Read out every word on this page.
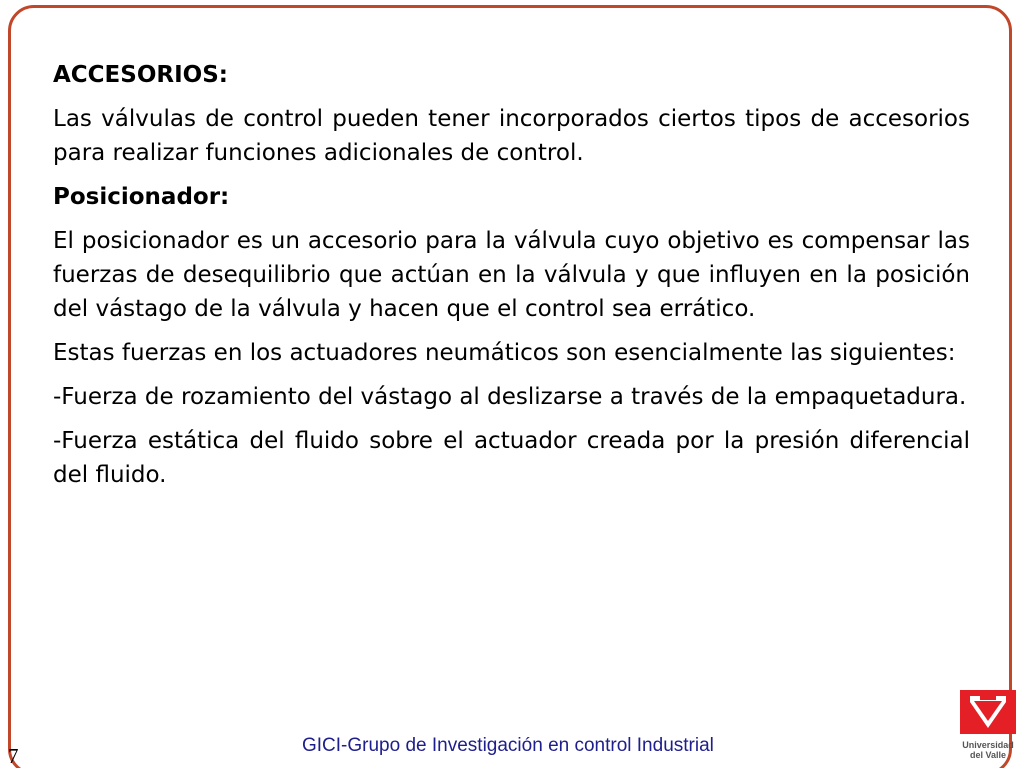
ACCESORIOS:

Las válvulas de control pueden tener incorporados ciertos tipos de accesorios para realizar funciones adicionales de control.

Posicionador:

El posicionador es un accesorio para la válvula cuyo objetivo es compensar las fuerzas de desequilibrio que actúan en la válvula y que influyen en la posición del vástago de la válvula y hacen que el control sea errático.

Estas fuerzas en los actuadores neumáticos son esencialmente las siguientes:

-Fuerza de rozamiento del vástago al deslizarse a través de la empaquetadura.

-Fuerza estática del fluido sobre el actuador creada por la presión diferencial del fluido.

GICI-Grupo de Investigación en control Industrial
7	Universidad
del Valle
